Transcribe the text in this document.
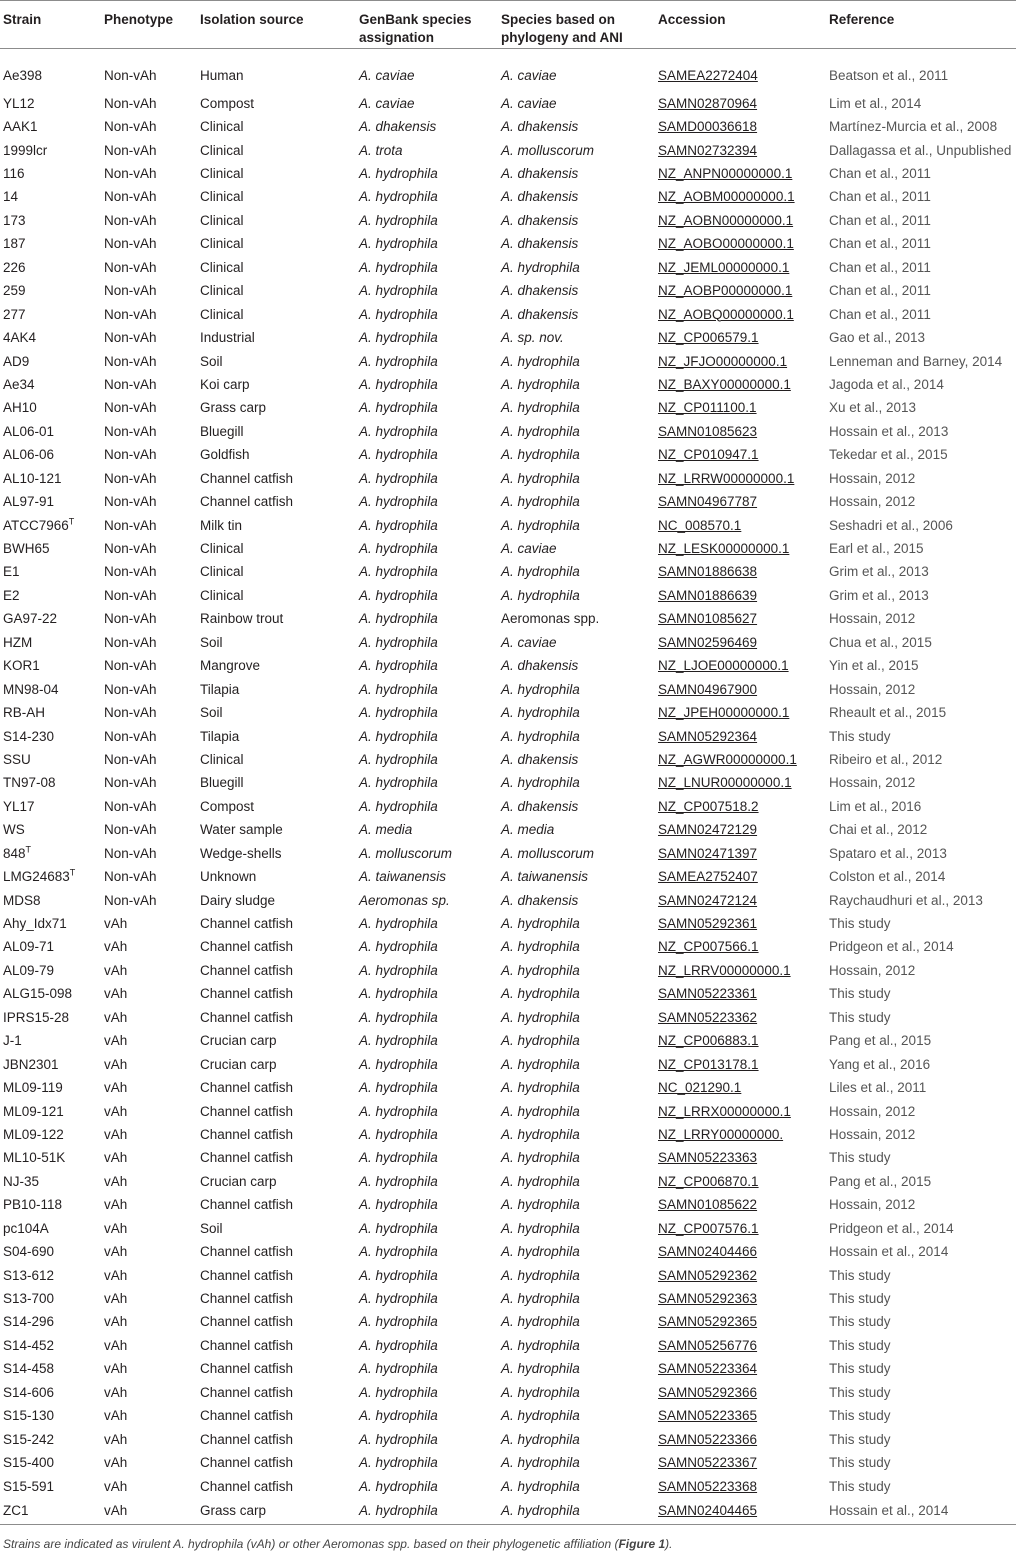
Strain	Phenotype	Isolation source	GenBank species assignation	Species based on phylogeny and ANI	Accession	Reference
Ae398	Non-vAh	Human	A. caviae	A. caviae	SAMEA2272404	Beatson et al., 2011
YL12	Non-vAh	Compost	A. caviae	A. caviae	SAMN02870964	Lim et al., 2014
AAK1	Non-vAh	Clinical	A. dhakensis	A. dhakensis	SAMD00036618	Martínez-Murcia et al., 2008
1999lcr	Non-vAh	Clinical	A. trota	A. molluscorum	SAMN02732394	Dallagassa et al., Unpublished
116	Non-vAh	Clinical	A. hydrophila	A. dhakensis	NZ_ANPN00000000.1	Chan et al., 2011
14	Non-vAh	Clinical	A. hydrophila	A. dhakensis	NZ_AOBM00000000.1	Chan et al., 2011
173	Non-vAh	Clinical	A. hydrophila	A. dhakensis	NZ_AOBN00000000.1	Chan et al., 2011
187	Non-vAh	Clinical	A. hydrophila	A. dhakensis	NZ_AOBO00000000.1	Chan et al., 2011
226	Non-vAh	Clinical	A. hydrophila	A. hydrophila	NZ_JEML00000000.1	Chan et al., 2011
259	Non-vAh	Clinical	A. hydrophila	A. dhakensis	NZ_AOBP00000000.1	Chan et al., 2011
277	Non-vAh	Clinical	A. hydrophila	A. dhakensis	NZ_AOBQ00000000.1	Chan et al., 2011
4AK4	Non-vAh	Industrial	A. hydrophila	A. sp. nov.	NZ_CP006579.1	Gao et al., 2013
AD9	Non-vAh	Soil	A. hydrophila	A. hydrophila	NZ_JFJO00000000.1	Lenneman and Barney, 2014
Ae34	Non-vAh	Koi carp	A. hydrophila	A. hydrophila	NZ_BAXY00000000.1	Jagoda et al., 2014
AH10	Non-vAh	Grass carp	A. hydrophila	A. hydrophila	NZ_CP011100.1	Xu et al., 2013
AL06-01	Non-vAh	Bluegill	A. hydrophila	A. hydrophila	SAMN01085623	Hossain et al., 2013
AL06-06	Non-vAh	Goldfish	A. hydrophila	A. hydrophila	NZ_CP010947.1	Tekedar et al., 2015
AL10-121	Non-vAh	Channel catfish	A. hydrophila	A. hydrophila	NZ_LRRW00000000.1	Hossain, 2012
AL97-91	Non-vAh	Channel catfish	A. hydrophila	A. hydrophila	SAMN04967787	Hossain, 2012
$ATCC7966^T$	Non-vAh	Milk tin	A. hydrophila	A. hydrophila	NC_008570.1	Seshadri et al., 2006
BWH65	Non-vAh	Clinical	A. hydrophila	A. caviae	NZ_LESK00000000.1	Earl et al., 2015
E1	Non-vAh	Clinical	A. hydrophila	A. hydrophila	SAMN01886638	Grim et al., 2013
E2	Non-vAh	Clinical	A. hydrophila	A. hydrophila	SAMN01886639	Grim et al., 2013
GA97-22	Non-vAh	Rainbow trout	A. hydrophila	Aeromonas spp.	SAMN01085627	Hossain, 2012
HZM	Non-vAh	Soil	A. hydrophila	A. caviae	SAMN02596469	Chua et al., 2015
KOR1	Non-vAh	Mangrove	A. hydrophila	A. dhakensis	NZ_LJOE00000000.1	Yin et al., 2015
MN98-04	Non-vAh	Tilapia	A. hydrophila	A. hydrophila	SAMN04967900	Hossain, 2012
RB-AH	Non-vAh	Soil	A. hydrophila	A. hydrophila	NZ_JPEH00000000.1	Rheault et al., 2015
S14-230	Non-vAh	Tilapia	A. hydrophila	A. hydrophila	SAMN05292364	This study
SSU	Non-vAh	Clinical	A. hydrophila	A. dhakensis	NZ_AGWR00000000.1	Ribeiro et al., 2012
TN97-08	Non-vAh	Bluegill	A. hydrophila	A. hydrophila	NZ_LNUR00000000.1	Hossain, 2012
YL17	Non-vAh	Compost	A. hydrophila	A. dhakensis	NZ_CP007518.2	Lim et al., 2016
WS	Non-vAh	Water sample	A. media	A. media	SAMN02472129	Chai et al., 2012
$848^T$	Non-vAh	Wedge-shells	A. molluscorum	A. molluscorum	SAMN02471397	Spataro et al., 2013
$LMG24683^T$	Non-vAh	Unknown	A. taiwanensis	A. taiwanensis	SAMEA2752407	Colston et al., 2014
MDS8	Non-vAh	Dairy sludge	Aeromonas sp.	A. dhakensis	SAMN02472124	Raychaudhuri et al., 2013
Ahy_Idx71	vAh	Channel catfish	A. hydrophila	A. hydrophila	SAMN05292361	This study
AL09-71	vAh	Channel catfish	A. hydrophila	A. hydrophila	NZ_CP007566.1	Pridgeon et al., 2014
AL09-79	vAh	Channel catfish	A. hydrophila	A. hydrophila	NZ_LRRV00000000.1	Hossain, 2012
ALG15-098	vAh	Channel catfish	A. hydrophila	A. hydrophila	SAMN05223361	This study
IPRS15-28	vAh	Channel catfish	A. hydrophila	A. hydrophila	SAMN05223362	This study
J-1	vAh	Crucian carp	A. hydrophila	A. hydrophila	NZ_CP006883.1	Pang et al., 2015
JBN2301	vAh	Crucian carp	A. hydrophila	A. hydrophila	NZ_CP013178.1	Yang et al., 2016
ML09-119	vAh	Channel catfish	A. hydrophila	A. hydrophila	NC_021290.1	Liles et al., 2011
ML09-121	vAh	Channel catfish	A. hydrophila	A. hydrophila	NZ_LRRX00000000.1	Hossain, 2012
ML09-122	vAh	Channel catfish	A. hydrophila	A. hydrophila	NZ_LRRY00000000.	Hossain, 2012
ML10-51K	vAh	Channel catfish	A. hydrophila	A. hydrophila	SAMN05223363	This study
NJ-35	vAh	Crucian carp	A. hydrophila	A. hydrophila	NZ_CP006870.1	Pang et al., 2015
PB10-118	vAh	Channel catfish	A. hydrophila	A. hydrophila	SAMN01085622	Hossain, 2012
pc104A	vAh	Soil	A. hydrophila	A. hydrophila	NZ_CP007576.1	Pridgeon et al., 2014
S04-690	vAh	Channel catfish	A. hydrophila	A. hydrophila	SAMN02404466	Hossain et al., 2014
S13-612	vAh	Channel catfish	A. hydrophila	A. hydrophila	SAMN05292362	This study
S13-700	vAh	Channel catfish	A. hydrophila	A. hydrophila	SAMN05292363	This study
S14-296	vAh	Channel catfish	A. hydrophila	A. hydrophila	SAMN05292365	This study
S14-452	vAh	Channel catfish	A. hydrophila	A. hydrophila	SAMN05256776	This study
S14-458	vAh	Channel catfish	A. hydrophila	A. hydrophila	SAMN05223364	This study
S14-606	vAh	Channel catfish	A. hydrophila	A. hydrophila	SAMN05292366	This study
S15-130	vAh	Channel catfish	A. hydrophila	A. hydrophila	SAMN05223365	This study
S15-242	vAh	Channel catfish	A. hydrophila	A. hydrophila	SAMN05223366	This study
S15-400	vAh	Channel catfish	A. hydrophila	A. hydrophila	SAMN05223367	This study
S15-591	vAh	Channel catfish	A. hydrophila	A. hydrophila	SAMN05223368	This study
ZC1	vAh	Grass carp	A. hydrophila	A. hydrophila	SAMN02404465	Hossain et al., 2014
Strains are indicated as virulent A. hydrophila (vAh) or other Aeromonas spp. based on their phylogenetic affiliation (Figure 1).
